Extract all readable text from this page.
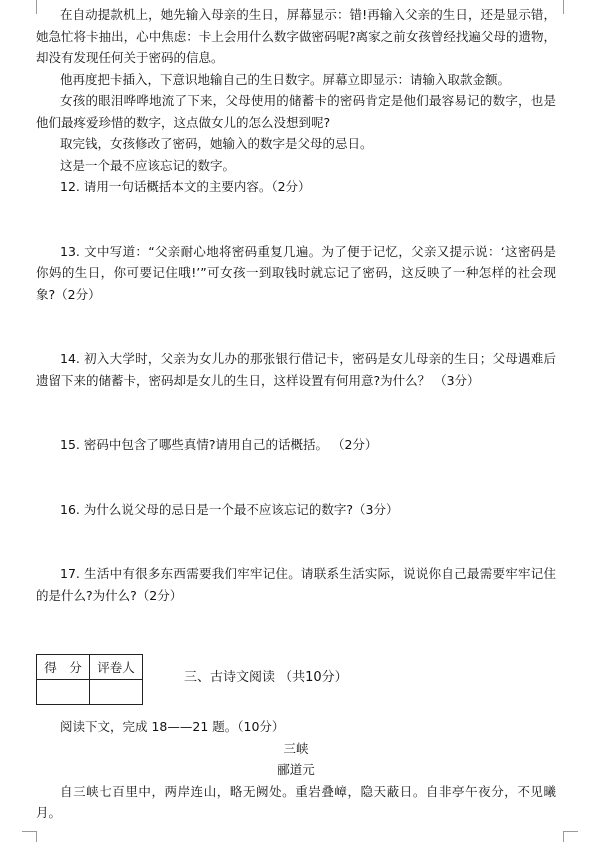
在自动提款机上，她先输入母亲的生日，屏幕显示：错!再输入父亲的生日，还是显示错，她急忙将卡抽出，心中焦虑：卡上会用什么数字做密码呢?离家之前女孩曾经找遍父母的遗物，却没有发现任何关于密码的信息。

他再度把卡插入，下意识地输自己的生日数字。屏幕立即显示：请输入取款金额。

女孩的眼泪哗哗地流了下来，父母使用的储蓄卡的密码肯定是他们最容易记的数字，也是他们最疼爱珍惜的数字，这点做女儿的怎么没想到呢?

取完钱，女孩修改了密码，她输入的数字是父母的忌日。

这是一个最不应该忘记的数字。

12. 请用一句话概括本文的主要内容。（2分）

13. 文中写道：“父亲耐心地将密码重复几遍。为了便于记忆，父亲又提示说：‘这密码是你妈的生日，你可要记住哦!’”可女孩一到取钱时就忘记了密码，这反映了一种怎样的社会现象?（2分）

14. 初入大学时，父亲为女儿办的那张银行借记卡，密码是女儿母亲的生日；父母遇难后遗留下来的储蓄卡，密码却是女儿的生日，这样设置有何用意?为什么？ （3分）

15. 密码中包含了哪些真情?请用自己的话概括。 （2分）

16. 为什么说父母的忌日是一个最不应该忘记的数字?（3分）

17. 生活中有很多东西需要我们牢牢记住。请联系生活实际，说说你自己最需要牢牢记住的是什么?为什么?（2分）

得　分	评卷人

三、古诗文阅读 （共10分）

阅读下文，完成 18——21 题。（10分）

三峡

郦道元

自三峡七百里中，两岸连山，略无阙处。重岩叠嶂，隐天蔽日。自非亭午夜分，不见曦月。
